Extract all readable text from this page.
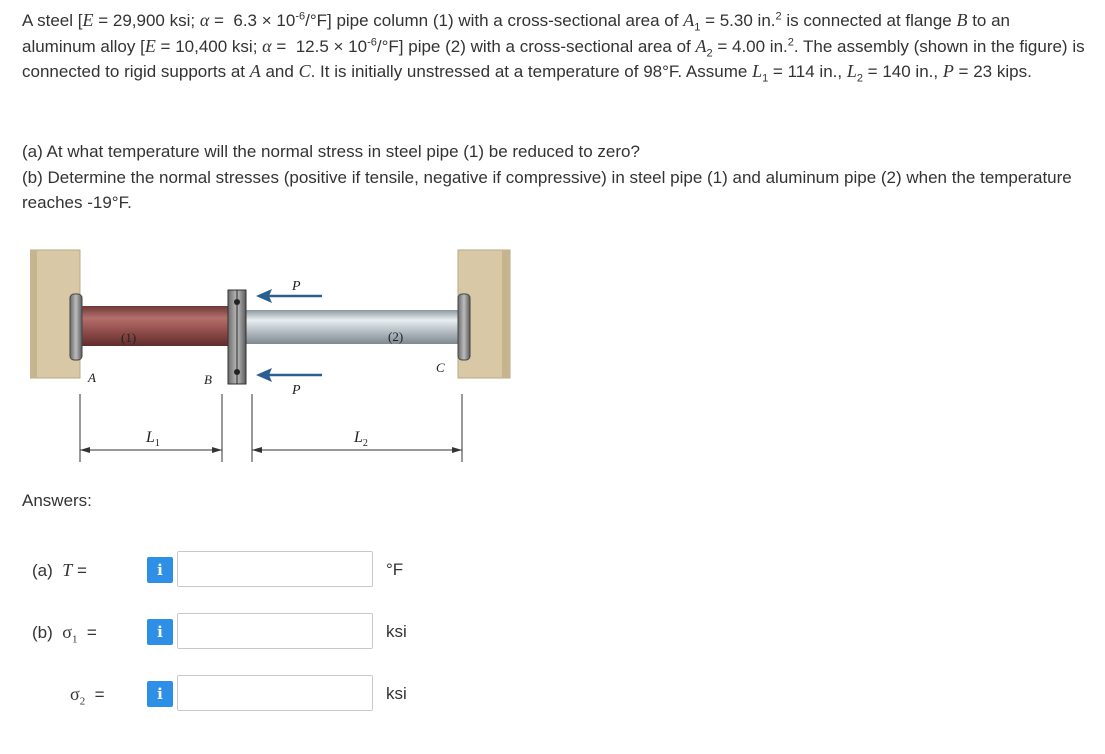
A steel [E = 29,900 ksi; $\alpha = 6.3 \times 10^{-6}/^\circ F$] pipe column (1) with a cross-sectional area of $A_1 = 5.30$ in.$^2$ is connected at flange B to an aluminum alloy [E = 10,400 ksi; $\alpha = 12.5 \times 10^{-6}/^\circ F$] pipe (2) with a cross-sectional area of $A_2 = 4.00$ in.$^2$. The assembly (shown in the figure) is connected to rigid supports at A and C. It is initially unstressed at a temperature of 98°F. Assume $L_1 = 114$ in., $L_2 = 140$ in., P = 23 kips.
(a) At what temperature will the normal stress in steel pipe (1) be reduced to zero?
(b) Determine the normal stresses (positive if tensile, negative if compressive) in steel pipe (1) and aluminum pipe (2) when the temperature reaches -19°F.
P
P
(1)	(2)
A	B
C
$L_1$	$L_2$
Answers:
(a) T =	i	°F
(b) $\sigma_1$ =	i	ksi
$\sigma_2$ =	i	ksi
